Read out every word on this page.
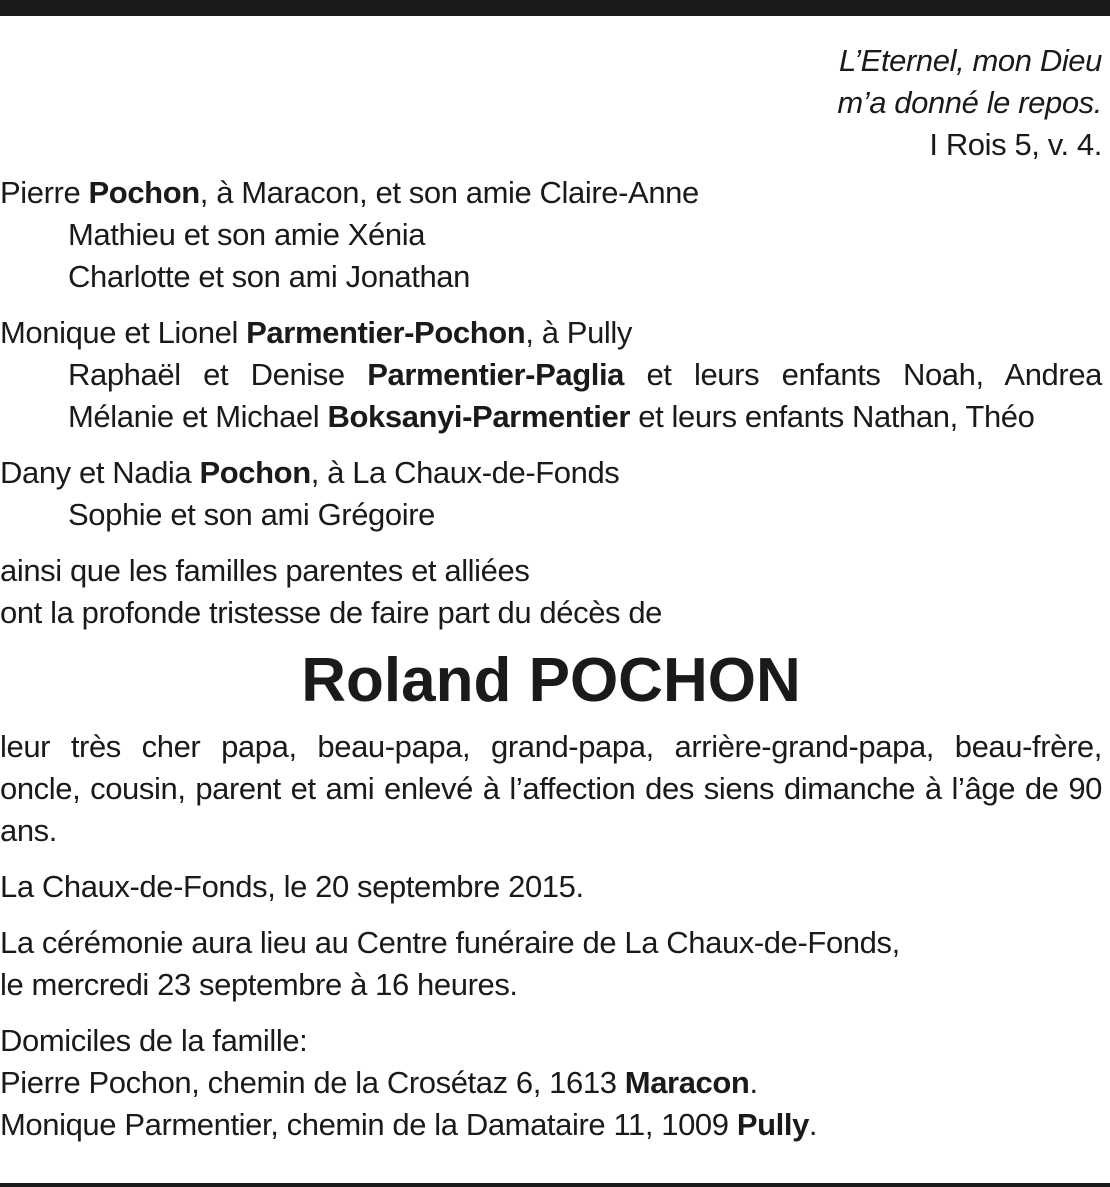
L’Eternel, mon Dieu
m’a donné le repos.
I Rois 5, v. 4.
Pierre Pochon, à Maracon, et son amie Claire-Anne
Mathieu et son amie Xénia
Charlotte et son ami Jonathan
Monique et Lionel Parmentier-Pochon, à Pully
Raphaël et Denise Parmentier-Paglia et leurs enfants Noah, Andrea
Mélanie et Michael Boksanyi-Parmentier et leurs enfants Nathan, Théo
Dany et Nadia Pochon, à La Chaux-de-Fonds
Sophie et son ami Grégoire
ainsi que les familles parentes et alliées
ont la profonde tristesse de faire part du décès de
Roland POCHON
leur très cher papa, beau-papa, grand-papa, arrière-grand-papa, beau-frère, oncle, cousin, parent et ami enlevé à l’affection des siens dimanche à l’âge de 90 ans.
La Chaux-de-Fonds, le 20 septembre 2015.
La cérémonie aura lieu au Centre funéraire de La Chaux-de-Fonds,
le mercredi 23 septembre à 16 heures.
Domiciles de la famille:
Pierre Pochon, chemin de la Crosétaz 6, 1613 Maracon.
Monique Parmentier, chemin de la Damataire 11, 1009 Pully.
